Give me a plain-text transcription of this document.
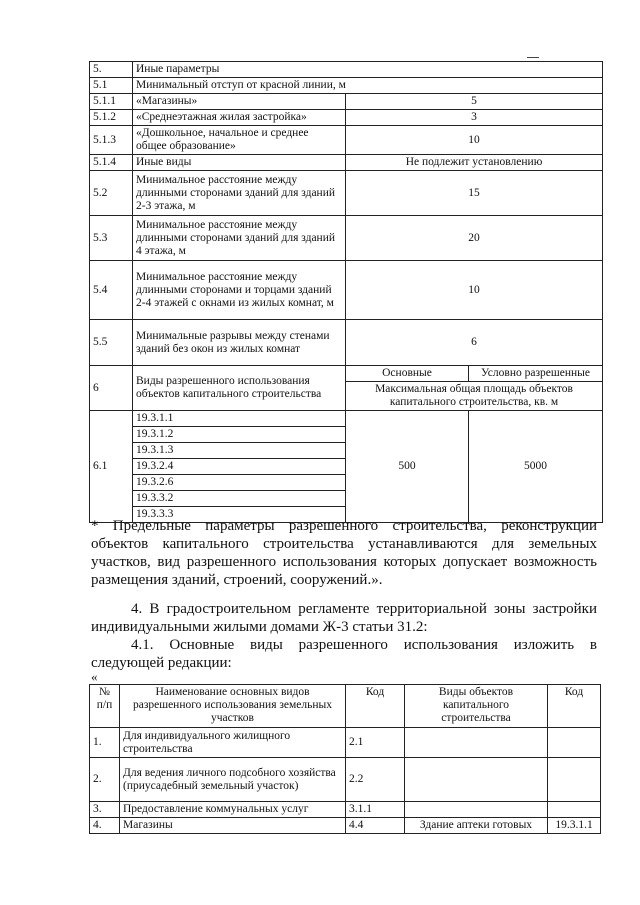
5.	Иные параметры		
5.1	Минимальный отступ от красной линии, м		
5.1.1	«Магазины»	5	
5.1.2	«Среднеэтажная жилая застройка»	3	
5.1.3	«Дошкольное, начальное и среднее общее образование»	10	
5.1.4	Иные виды	Не подлежит установлению	
5.2	Минимальное расстояние между длинными сторонами зданий для зданий 2-3 этажа, м	15	
5.3	Минимальное расстояние между длинными сторонами зданий для зданий 4 этажа, м	20	
5.4	Минимальное расстояние между длинными сторонами и торцами зданий 2-4 этажей с окнами из жилых комнат, м	10	
5.5	Минимальные разрывы между стенами зданий без окон из жилых комнат	6	
6	Виды разрешенного использования объектов капитального строительства	Основные	Условно разрешенные
		Максимальная общая площадь объектов капитального строительства, кв. м	
6.1	19.3.1.1	500	5000
	19.3.1.2		
	19.3.1.3		
	19.3.2.4		
	19.3.2.6		
	19.3.3.2		
	19.3.3.3		
* Предельные параметры разрешенного строительства, реконструкции объектов капитального строительства устанавливаются для земельных участков, вид разрешенного использования которых допускает возможность размещения зданий, строений, сооружений.».
4. В градостроительном регламенте территориальной зоны застройки
индивидуальными жилыми домами Ж-3 статьи 31.2:
4.1. Основные виды разрешенного использования изложить в
следующей редакции:
«
№ п/п	Наименование основных видов разрешенного использования земельных участков	Код	Виды объектов капитального строительства	Код
1.	Для индивидуального жилищного строительства	2.1		
2.	Для ведения личного подсобного хозяйства (приусадебный земельный участок)	2.2		
3.	Предоставление коммунальных услуг	3.1.1		
4.	Магазины	4.4	Здание аптеки готовых	19.3.1.1
